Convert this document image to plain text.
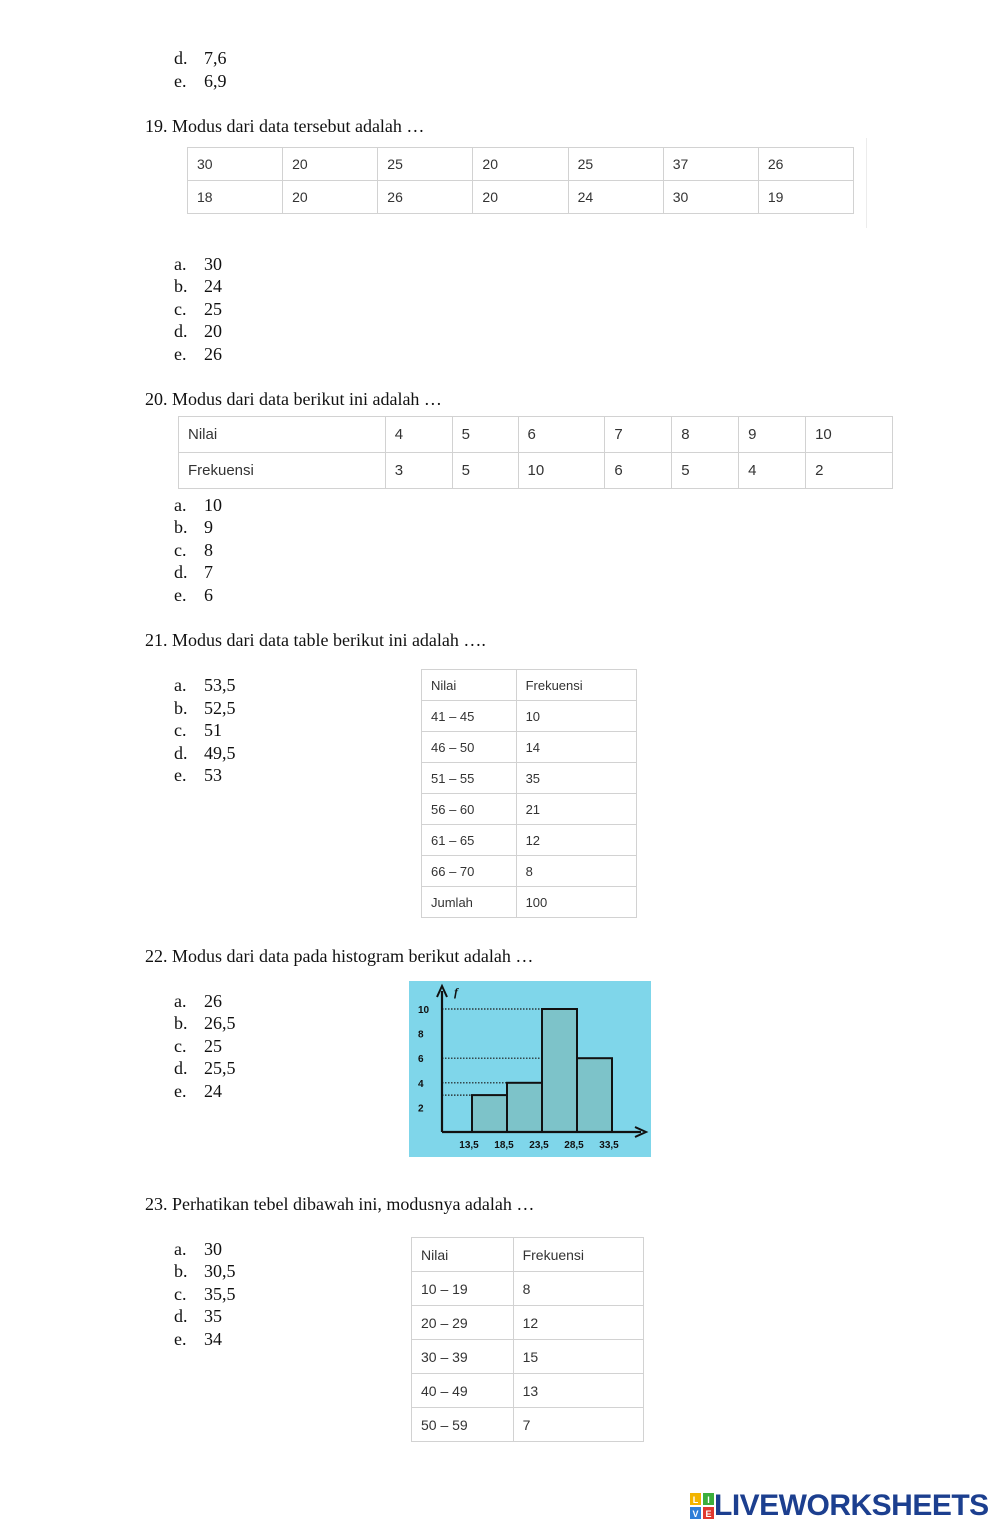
d. 7,6
e. 6,9
19. Modus dari data tersebut adalah …
30	20	25	20	25	37	26
18	20	26	20	24	30	19
a. 30
b. 24
c. 25
d. 20
e. 26
20. Modus dari data berikut ini adalah …
Nilai	4	5	6	7	8	9	10
Frekuensi	3	5	10	6	5	4	2
a. 10
b. 9
c. 8
d. 7
e. 6
21. Modus dari data table berikut ini adalah ….
a. 53,5
b. 52,5
c. 51
d. 49,5
e. 53
Nilai	Frekuensi
41 – 45	10
46 – 50	14
51 – 55	35
56 – 60	21
61 – 65	12
66 – 70	8
Jumlah	100
22. Modus dari data pada histogram berikut adalah …
a. 26
b. 26,5
c. 25
d. 25,5
e. 24
f
2
4
6
8
10
13,5 18,5 23,5 28,5 33,5
23. Perhatikan tebel dibawah ini, modusnya adalah …
a. 30
b. 30,5
c. 35,5
d. 35
e. 34
Nilai	Frekuensi
10 – 19	8
20 – 29	12
30 – 39	15
40 – 49	13
50 – 59	7
L I
V E LIVEWORKSHEETS
